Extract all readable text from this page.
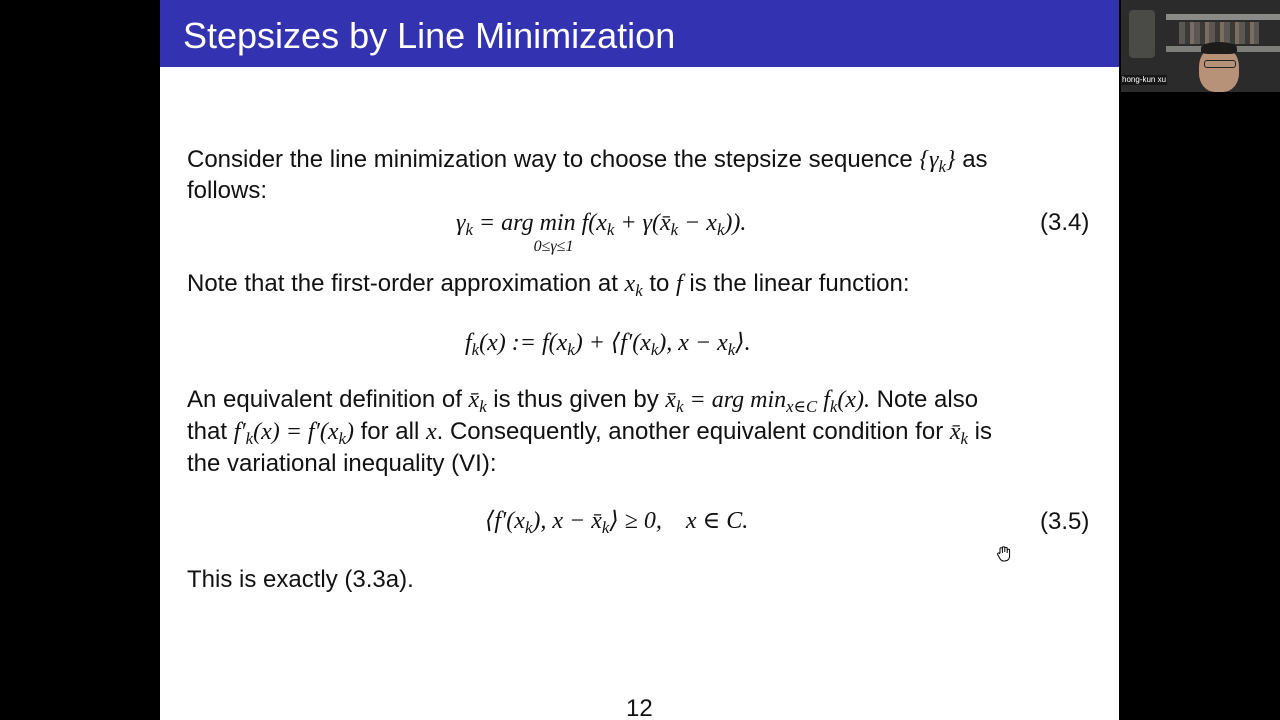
Stepsizes by Line Minimization
Consider the line minimization way to choose the stepsize sequence $\{\gamma_k\}$ as
follows:
$\gamma_k$ = arg min
0≤γ≤1
$f(x_k$ + $\gamma(x̄_k - x_k)$).	(3.4)
Note that the first-order approximation at $x_k$ to f is the linear function:
$f_k(x)$ := $f(x_k)$ + $⟨f'(x_k)$, $x - x_k⟩$.
An equivalent definition of $x̄_k$ is thus given by $x̄_k$ = arg $\min_{x\in C} f_k(x)$. Note also
that $f'_k(x) = f'(x_k)$ for all x. Consequently, another equivalent condition for $x̄_k$ is
the variational inequality (VI):
$⟨f'(x_k)$, $x - x̄_k⟩ \ge 0$,    x ∈ C.	(3.5)
This is exactly (3.3a).
12
hong-kun xu
